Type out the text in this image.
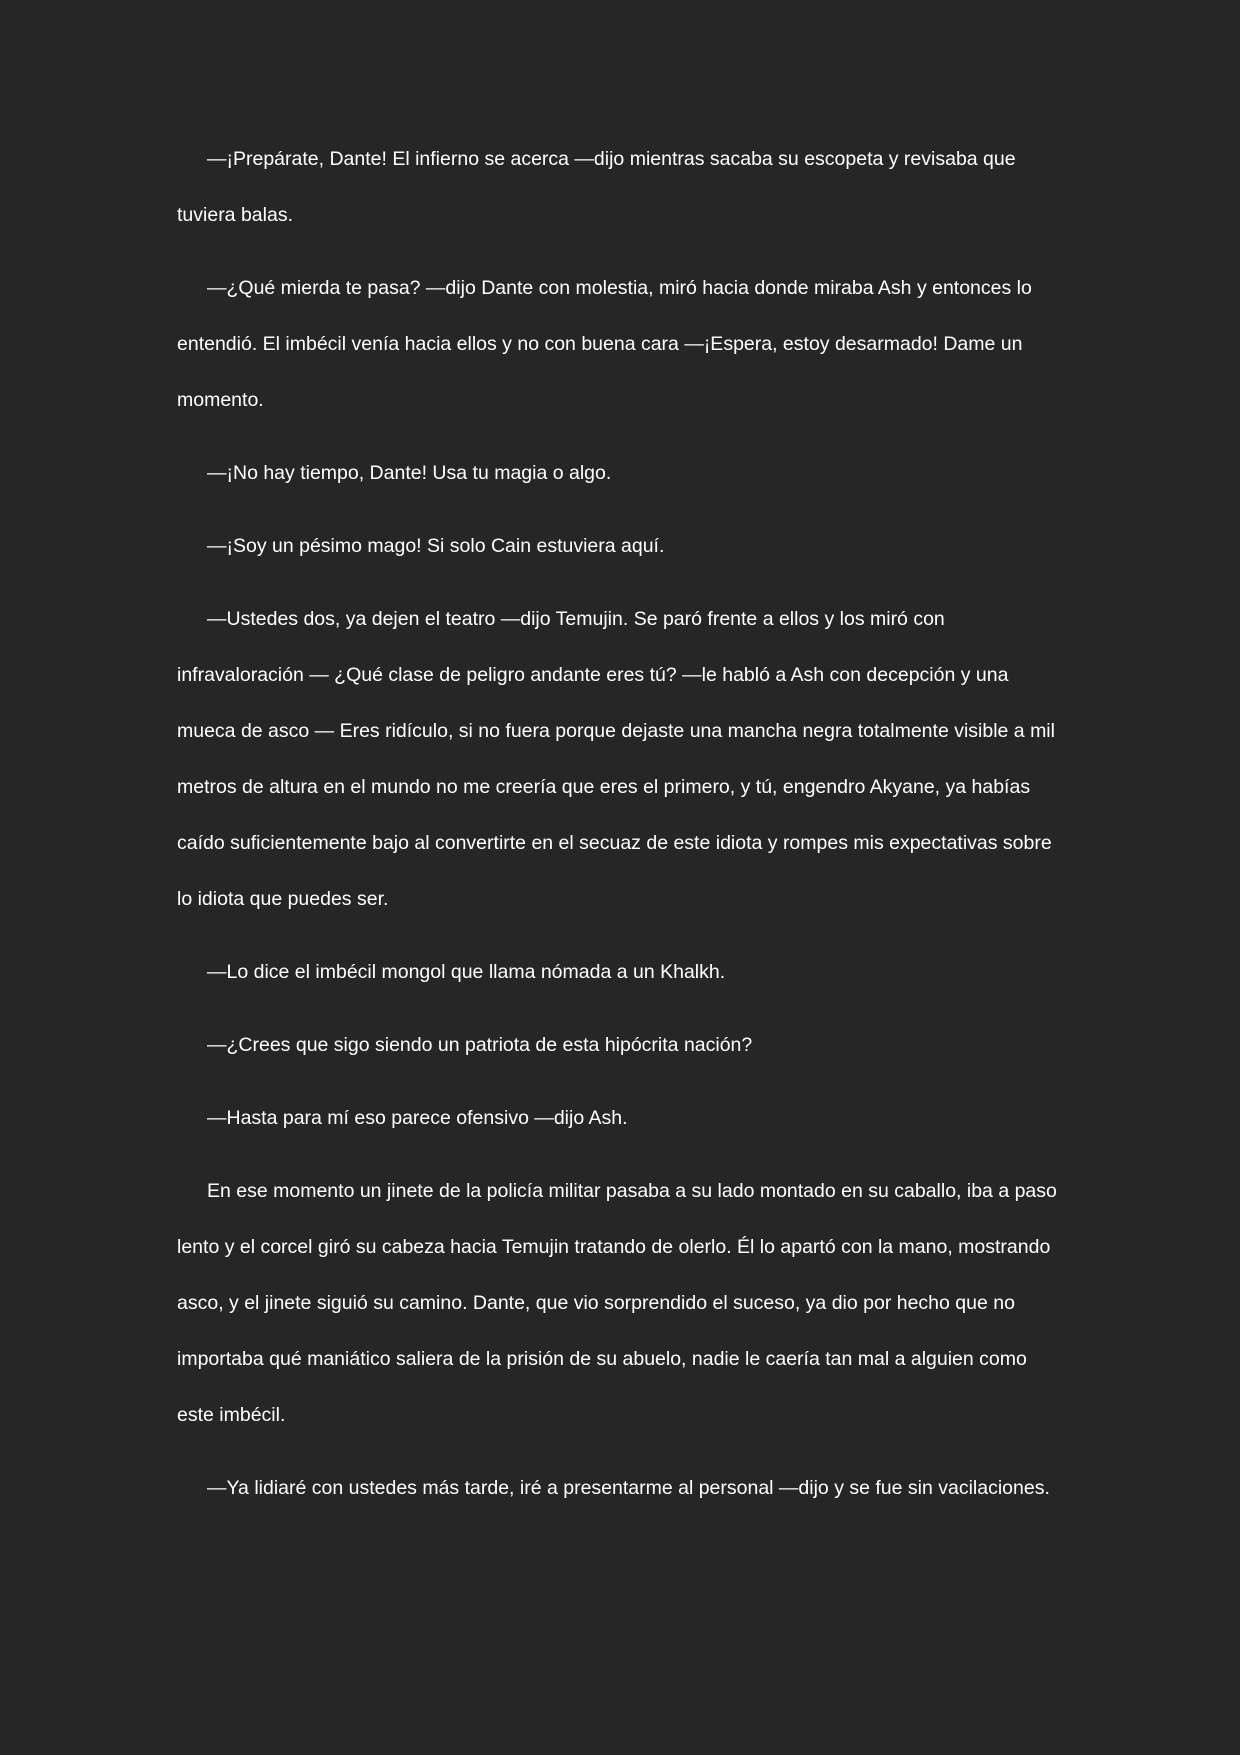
—¡Prepárate, Dante! El infierno se acerca —dijo mientras sacaba su escopeta y revisaba que tuviera balas.

—¿Qué mierda te pasa? —dijo Dante con molestia, miró hacia donde miraba Ash y entonces lo entendió. El imbécil venía hacia ellos y no con buena cara —¡Espera, estoy desarmado! Dame un momento.

—¡No hay tiempo, Dante! Usa tu magia o algo.

—¡Soy un pésimo mago! Si solo Cain estuviera aquí.

—Ustedes dos, ya dejen el teatro —dijo Temujin. Se paró frente a ellos y los miró con infravaloración — ¿Qué clase de peligro andante eres tú? —le habló a Ash con decepción y una mueca de asco — Eres ridículo, si no fuera porque dejaste una mancha negra totalmente visible a mil metros de altura en el mundo no me creería que eres el primero, y tú, engendro Akyane, ya habías caído suficientemente bajo al convertirte en el secuaz de este idiota y rompes mis expectativas sobre lo idiota que puedes ser.

—Lo dice el imbécil mongol que llama nómada a un Khalkh.

—¿Crees que sigo siendo un patriota de esta hipócrita nación?

—Hasta para mí eso parece ofensivo —dijo Ash.

En ese momento un jinete de la policía militar pasaba a su lado montado en su caballo, iba a paso lento y el corcel giró su cabeza hacia Temujin tratando de olerlo. Él lo apartó con la mano, mostrando asco, y el jinete siguió su camino. Dante, que vio sorprendido el suceso, ya dio por hecho que no importaba qué maniático saliera de la prisión de su abuelo, nadie le caería tan mal a alguien como este imbécil.

—Ya lidiaré con ustedes más tarde, iré a presentarme al personal —dijo y se fue sin vacilaciones.
